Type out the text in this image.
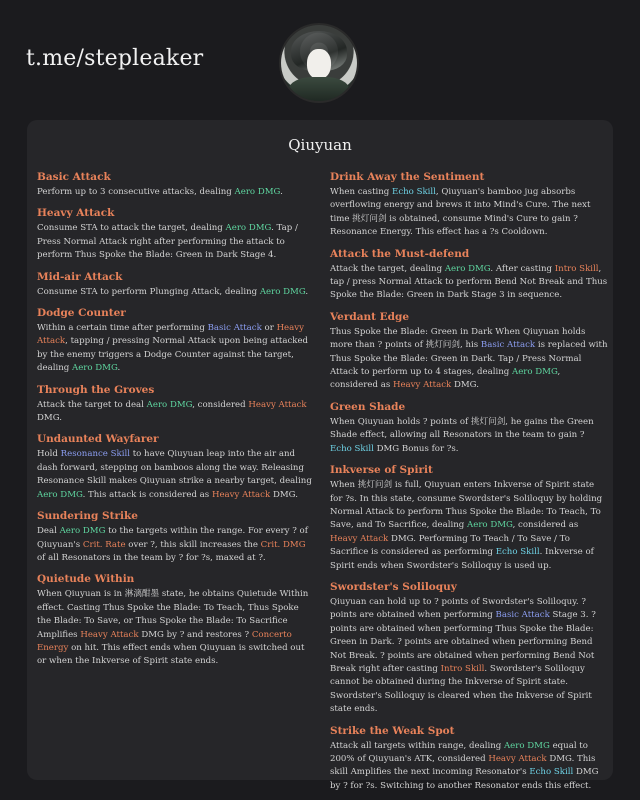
t.me/stepleaker
Qiuyuan
Basic Attack

Perform up to 3 consecutive attacks, dealing Aero DMG.

Heavy Attack

Consume STA to attack the target, dealing Aero DMG. Tap / Press Normal Attack right after performing the attack to perform Thus Spoke the Blade: Green in Dark Stage 4.

Mid-air Attack

Consume STA to perform Plunging Attack, dealing Aero DMG.

Dodge Counter

Within a certain time after performing Basic Attack or Heavy Attack, tapping / pressing Normal Attack upon being attacked by the enemy triggers a Dodge Counter against the target, dealing Aero DMG.

Through the Groves

Attack the target to deal Aero DMG, considered Heavy Attack DMG.

Undaunted Wayfarer

Hold Resonance Skill to have Qiuyuan leap into the air and dash forward, stepping on bamboos along the way. Releasing Resonance Skill makes Qiuyuan strike a nearby target, dealing Aero DMG. This attack is considered as Heavy Attack DMG.

Sundering Strike

Deal Aero DMG to the targets within the range. For every ? of Qiuyuan's Crit. Rate over ?, this skill increases the Crit. DMG of all Resonators in the team by ? for ?s, maxed at ?.

Quietude Within

When Qiuyuan is in 淋漓酣墨 state, he obtains Quietude Within effect. Casting Thus Spoke the Blade: To Teach, Thus Spoke the Blade: To Save, or Thus Spoke the Blade: To Sacrifice Amplifies Heavy Attack DMG by ? and restores ? Concerto Energy on hit. This effect ends when Qiuyuan is switched out or when the Inkverse of Spirit state ends.

Drink Away the Sentiment

When casting Echo Skill, Qiuyuan's bamboo jug absorbs overflowing energy and brews it into Mind's Cure. The next time 挑灯问剑 is obtained, consume Mind's Cure to gain ? Resonance Energy. This effect has a ?s Cooldown.

Attack the Must-defend

Attack the target, dealing Aero DMG. After casting Intro Skill, tap / press Normal Attack to perform Bend Not Break and Thus Spoke the Blade: Green in Dark Stage 3 in sequence.

Verdant Edge

Thus Spoke the Blade: Green in Dark When Qiuyuan holds more than ? points of 挑灯问剑, his Basic Attack is replaced with Thus Spoke the Blade: Green in Dark. Tap / Press Normal Attack to perform up to 4 stages, dealing Aero DMG, considered as Heavy Attack DMG.

Green Shade

When Qiuyuan holds ? points of 挑灯问剑, he gains the Green Shade effect, allowing all Resonators in the team to gain ? Echo Skill DMG Bonus for ?s.

Inkverse of Spirit

When 挑灯问剑 is full, Qiuyuan enters Inkverse of Spirit state for ?s. In this state, consume Swordster's Soliloquy by holding Normal Attack to perform Thus Spoke the Blade: To Teach, To Save, and To Sacrifice, dealing Aero DMG, considered as Heavy Attack DMG. Performing To Teach / To Save / To Sacrifice is considered as performing Echo Skill. Inkverse of Spirit ends when Swordster's Soliloquy is used up.

Swordster's Soliloquy

Qiuyuan can hold up to ? points of Swordster's Soliloquy. ? points are obtained when performing Basic Attack Stage 3. ? points are obtained when performing Thus Spoke the Blade: Green in Dark. ? points are obtained when performing Bend Not Break. ? points are obtained when performing Bend Not Break right after casting Intro Skill. Swordster's Soliloquy cannot be obtained during the Inkverse of Spirit state. Swordster's Soliloquy is cleared when the Inkverse of Spirit state ends.

Strike the Weak Spot

Attack all targets within range, dealing Aero DMG equal to 200% of Qiuyuan's ATK, considered Heavy Attack DMG. This skill Amplifies the next incoming Resonator's Echo Skill DMG by ? for ?s. Switching to another Resonator ends this effect.
